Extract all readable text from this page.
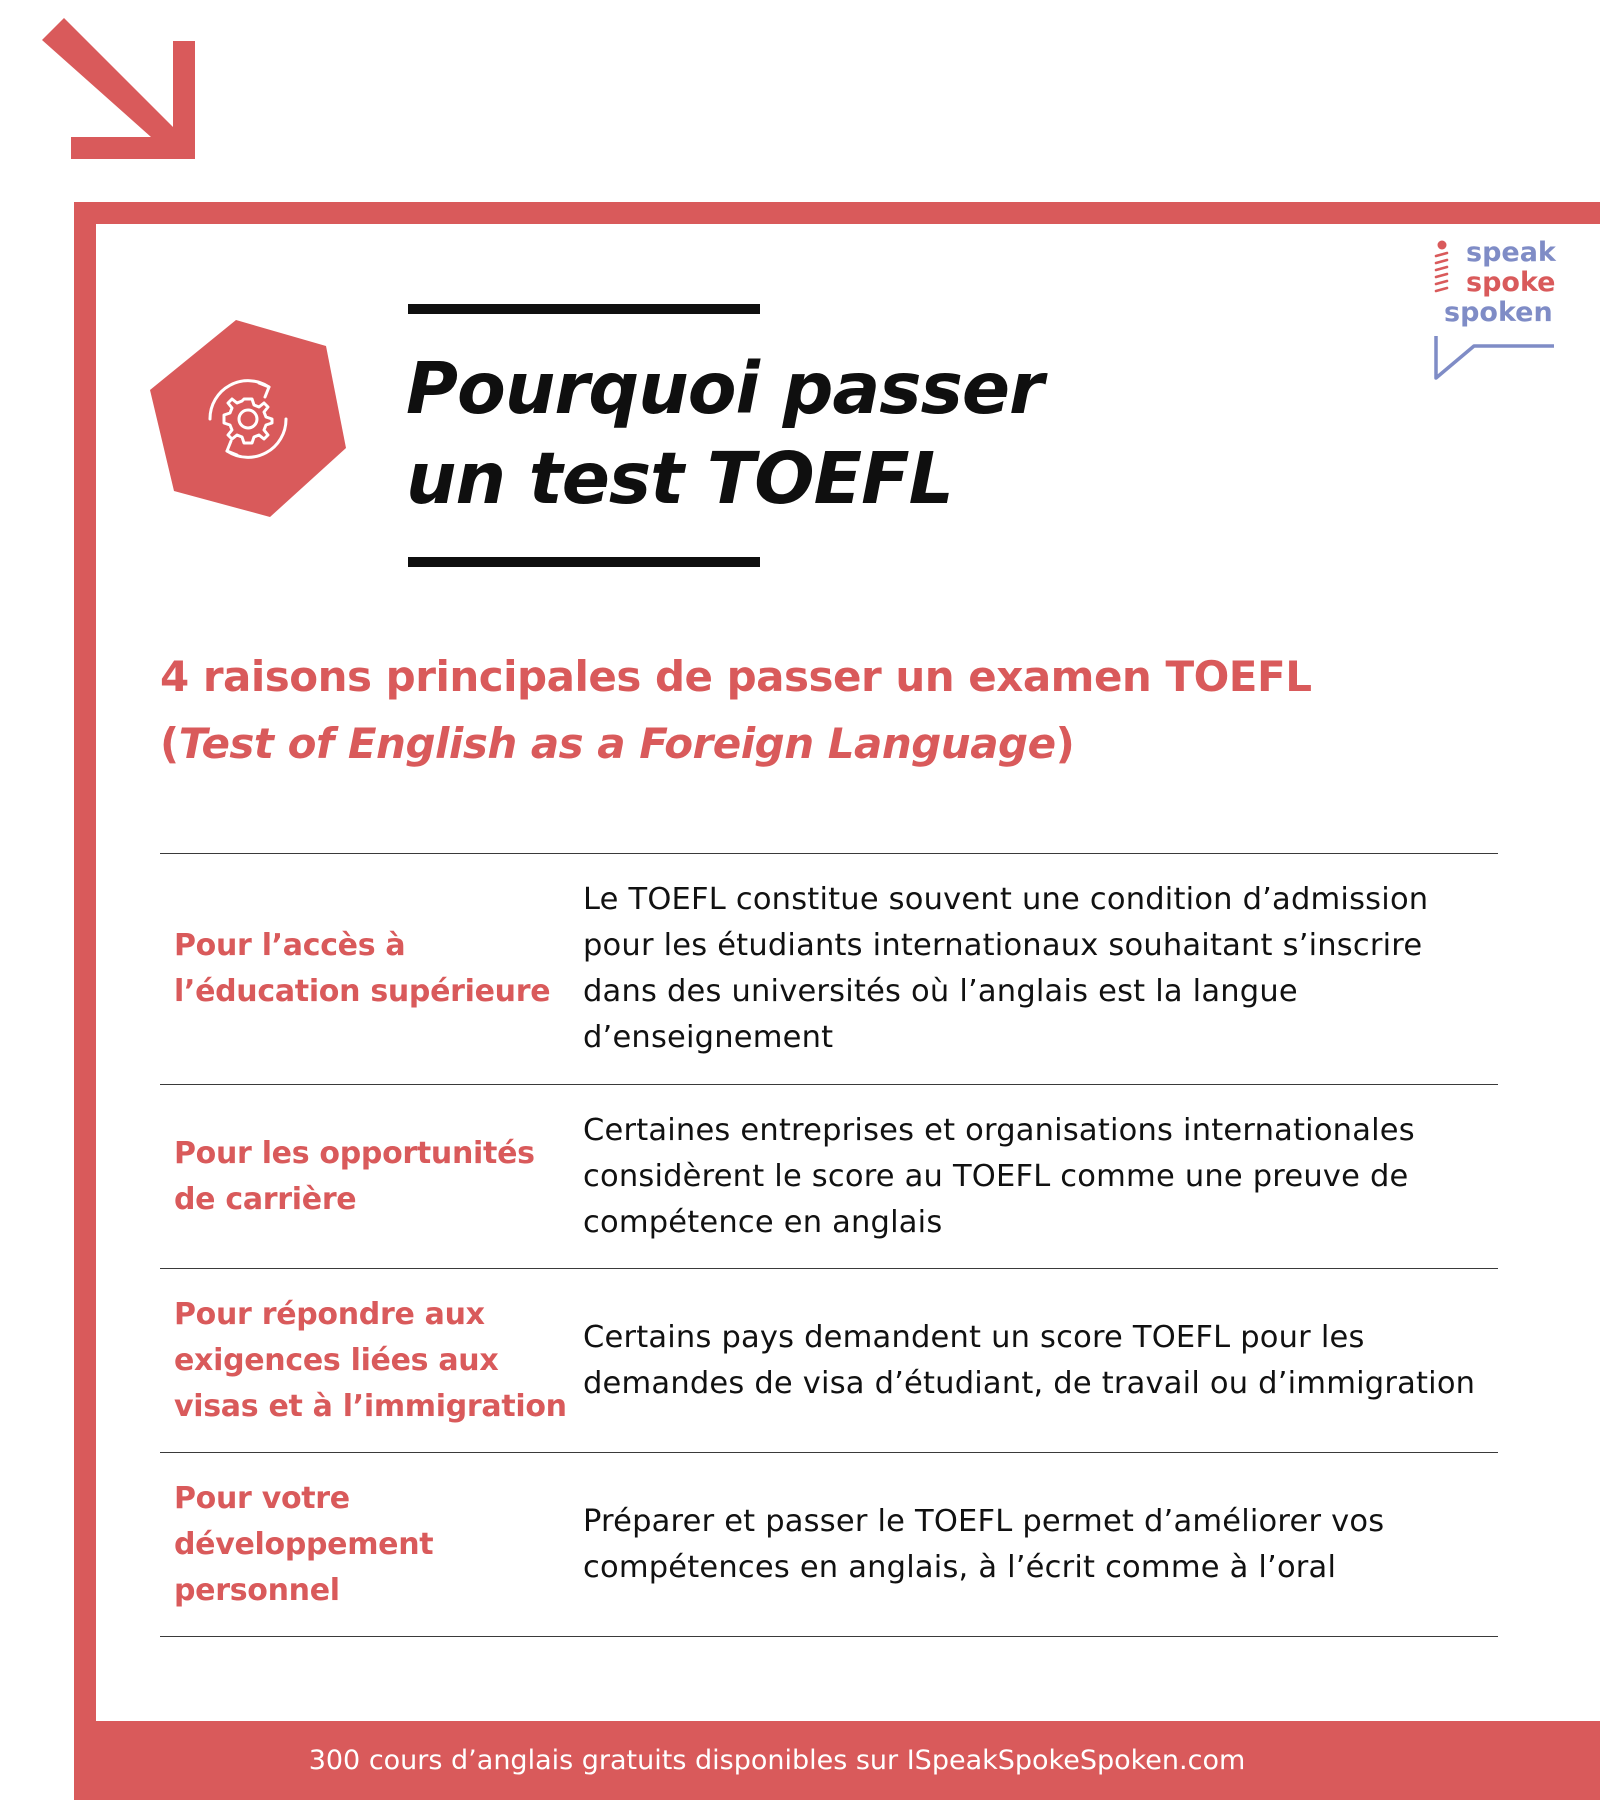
Pourquoi passer
un test TOEFL
speak
spoke
spoken
4 raisons principales de passer un examen TOEFL
(Test of English as a Foreign Language)
Pour l’accès à l’éducation supérieure
Le TOEFL constitue souvent une condition d’admission pour les étudiants internationaux souhaitant s’inscrire dans des universités où l’anglais est la langue d’enseignement
Pour les opportunités de carrière
Certaines entreprises et organisations internationales considèrent le score au TOEFL comme une preuve de compétence en anglais
Pour répondre aux exigences liées aux visas et à l’immigration
Certains pays demandent un score TOEFL pour les demandes de visa d’étudiant, de travail ou d’immigration
Pour votre développement personnel
Préparer et passer le TOEFL permet d’améliorer vos compétences en anglais, à l’écrit comme à l’oral
300 cours d’anglais gratuits disponibles sur ISpeakSpokeSpoken.com
